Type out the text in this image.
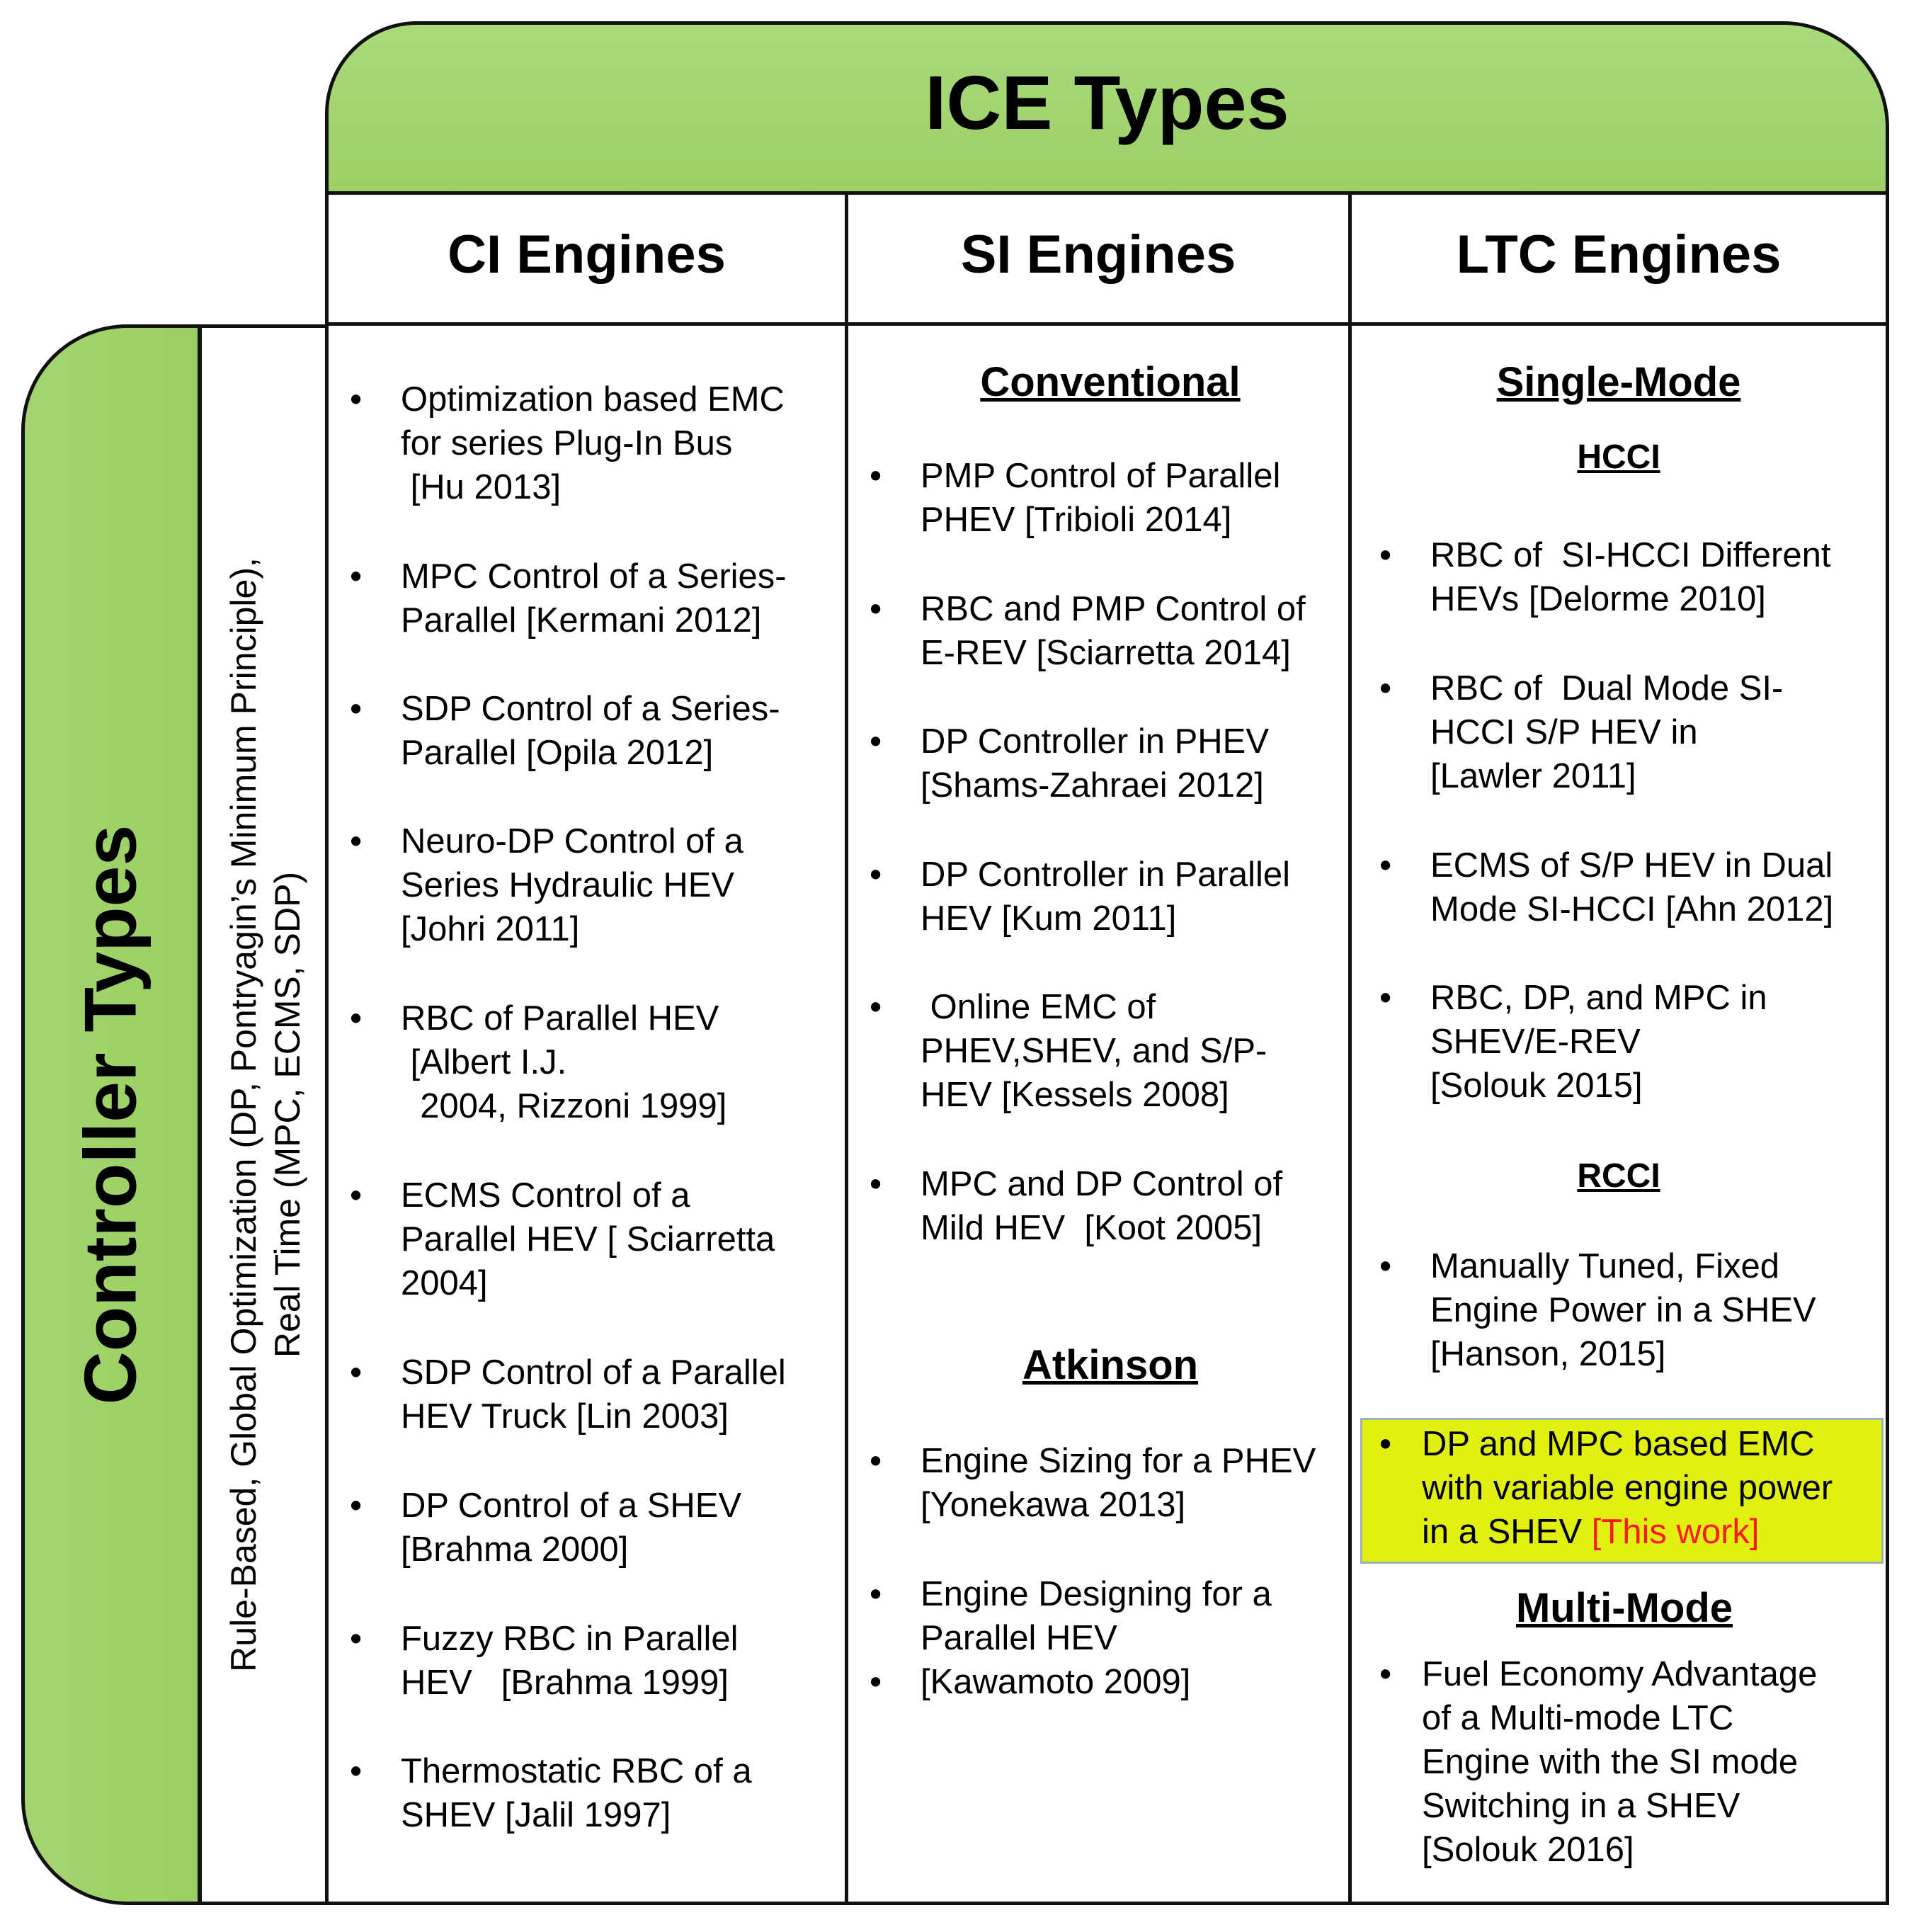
ICE Types
Controller Types Rule-Based, Global Optimization (DP, Pontryagin’s Minimum Principle), Real Time (MPC, ECMS, SDP)
CI Engines	SI Engines	LTC Engines
• Optimization based EMC
for series Plug-In Bus
[Hu 2013]
• MPC Control of a Series-
Parallel [Kermani 2012]
• SDP Control of a Series-
Parallel [Opila 2012]
• Neuro-DP Control of a
Series Hydraulic HEV
[Johri 2011]
• RBC of Parallel HEV
[Albert I.J.
2004, Rizzoni 1999]
• ECMS Control of a
Parallel HEV [ Sciarretta
2004]
• SDP Control of a Parallel
HEV Truck [Lin 2003]
• DP Control of a SHEV
[Brahma 2000]
• Fuzzy RBC in Parallel
HEV   [Brahma 1999]
• Thermostatic RBC of a
SHEV [Jalil 1997]
Conventional
• PMP Control of Parallel
PHEV [Tribioli 2014]
• RBC and PMP Control of
E-REV [Sciarretta 2014]
• DP Controller in PHEV
[Shams-Zahraei 2012]
• DP Controller in Parallel
HEV [Kum 2011]
• Online EMC of
PHEV,SHEV, and S/P-
HEV [Kessels 2008]
• MPC and DP Control of
Mild HEV  [Koot 2005]
Atkinson
• Engine Sizing for a PHEV
[Yonekawa 2013]
• Engine Designing for a
Parallel HEV
• [Kawamoto 2009]
Single-Mode
HCCI
• RBC of  SI-HCCI Different
HEVs [Delorme 2010]
• RBC of  Dual Mode SI-
HCCI S/P HEV in
[Lawler 2011]
• ECMS of S/P HEV in Dual
Mode SI-HCCI [Ahn 2012]
• RBC, DP, and MPC in
SHEV/E-REV
[Solouk 2015]
RCCI
• Manually Tuned, Fixed
Engine Power in a SHEV
[Hanson, 2015]
• DP and MPC based EMC
with variable engine power
in a SHEV [This work]
Multi-Mode
• Fuel Economy Advantage
of a Multi-mode LTC
Engine with the SI mode
Switching in a SHEV
[Solouk 2016]
